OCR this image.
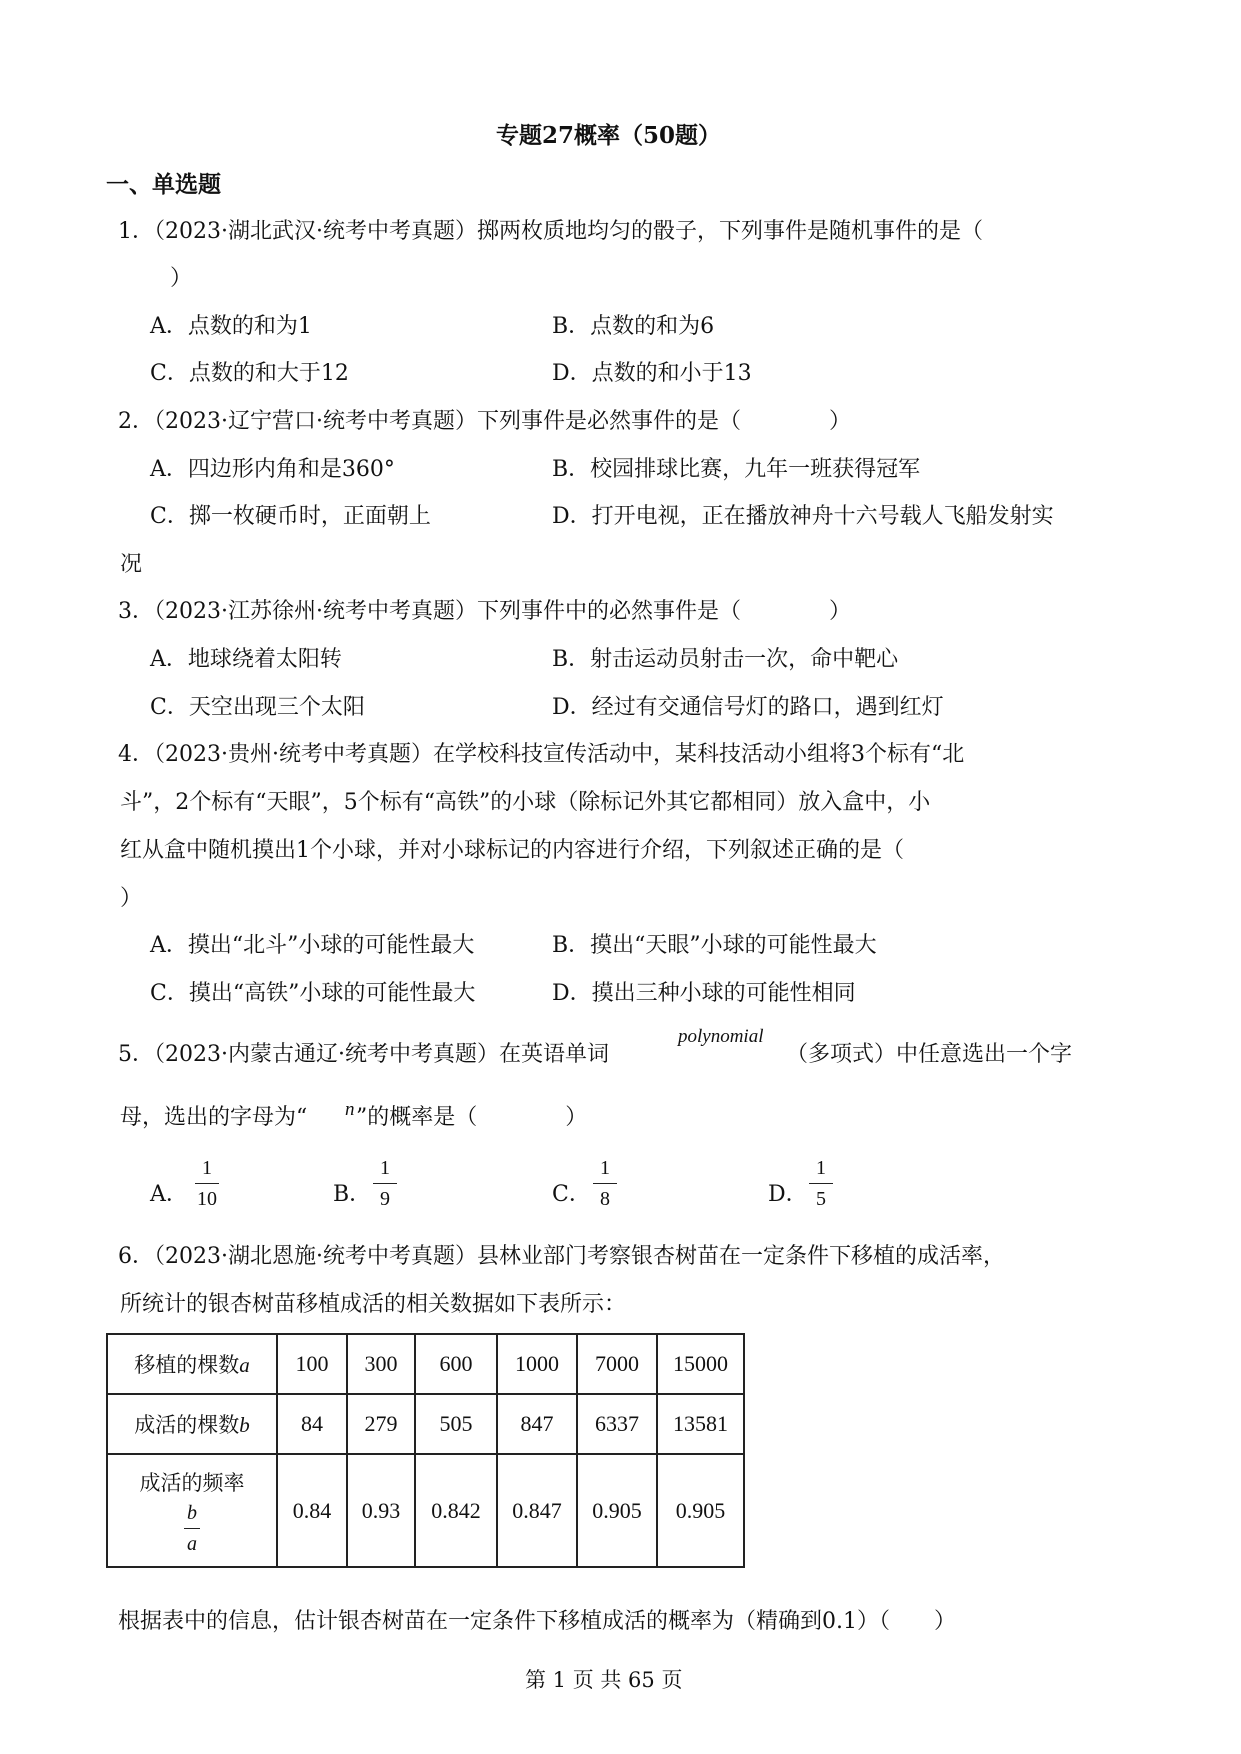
专题27概率（50题）
一、单选题
1．（2023·湖北武汉·统考中考真题）掷两枚质地均匀的骰子，下列事件是随机事件的是（
）
A．点数的和为1	B．点数的和为6
C．点数的和大于12	D．点数的和小于13
2．（2023·辽宁营口·统考中考真题）下列事件是必然事件的是（　　　　）
A．四边形内角和是360°	B．校园排球比赛，九年一班获得冠军
C．掷一枚硬币时，正面朝上	D．打开电视，正在播放神舟十六号载人飞船发射实
况
3．（2023·江苏徐州·统考中考真题）下列事件中的必然事件是（　　　　）
A．地球绕着太阳转	B．射击运动员射击一次，命中靶心
C．天空出现三个太阳	D．经过有交通信号灯的路口，遇到红灯
4．（2023·贵州·统考中考真题）在学校科技宣传活动中，某科技活动小组将3个标有“北
斗”，2个标有“天眼”，5个标有“高铁”的小球（除标记外其它都相同）放入盒中，小
红从盒中随机摸出1个小球，并对小球标记的内容进行介绍，下列叙述正确的是（
）
A．摸出“北斗”小球的可能性最大	B．摸出“天眼”小球的可能性最大
C．摸出“高铁”小球的可能性最大	D．摸出三种小球的可能性相同
5．（2023·内蒙古通辽·统考中考真题）在英语单词
polynomial
（多项式）中任意选出一个字
母，选出的字母为“ n ”的概率是（　　　　）
A．
1
10	B．
1
9	C．
1
8	D．
1
5
6．（2023·湖北恩施·统考中考真题）县林业部门考察银杏树苗在一定条件下移植的成活率，
所统计的银杏树苗移植成活的相关数据如下表所示：
移植的棵数a	100	300	600	1000	7000	15000
成活的棵数b	84	279	505	847	6337	13581

成活的频率
$\frac{b}{a}$	0.84	0.93	0.842	0.847	0.905	0.905
根据表中的信息，估计银杏树苗在一定条件下移植成活的概率为（精确到0.1）（　　）
第 1 页 共 65 页
